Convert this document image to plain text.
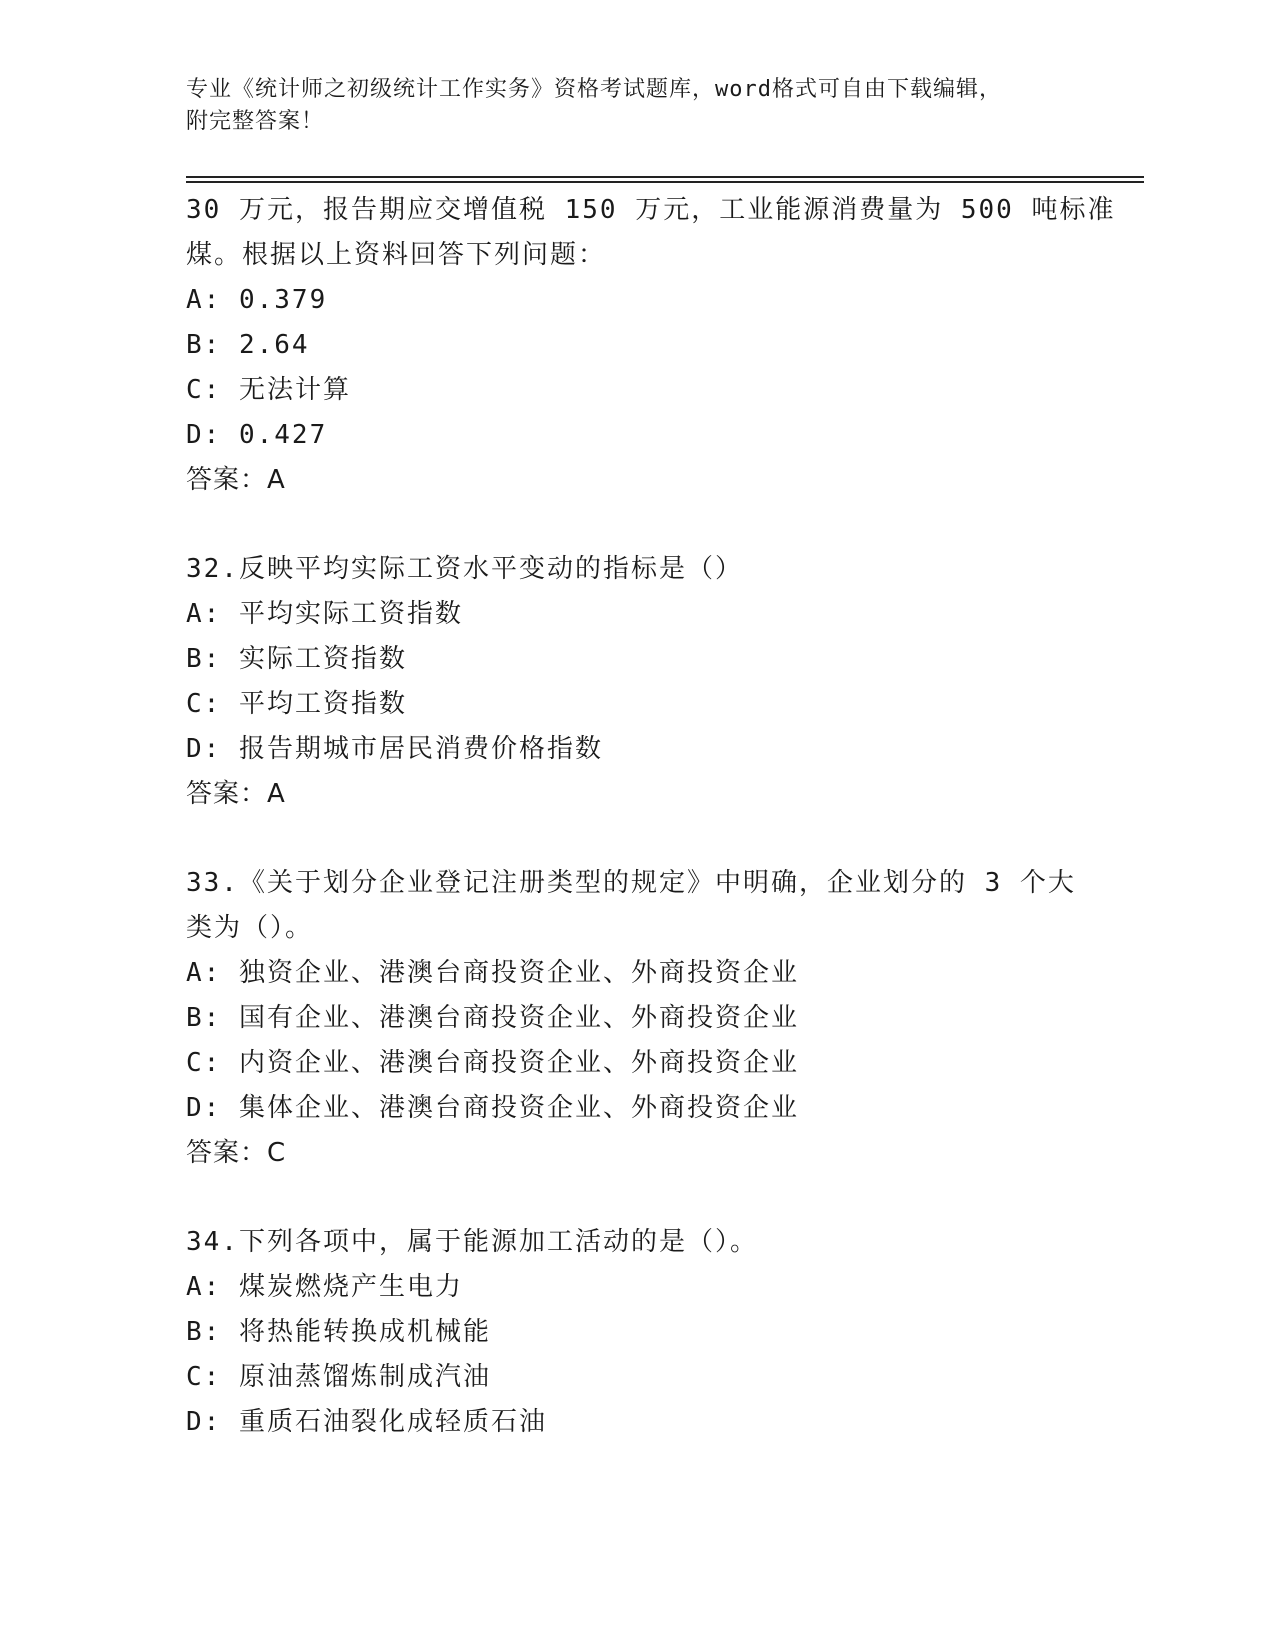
专业《统计师之初级统计工作实务》资格考试题库，word格式可自由下载编辑，
附完整答案！
30 万元，报告期应交增值税 150 万元，工业能源消费量为 500 吨标准
煤。根据以上资料回答下列问题：
A: 0.379
B: 2.64
C: 无法计算
D: 0.427
答案：A
32.反映平均实际工资水平变动的指标是（）
A: 平均实际工资指数
B: 实际工资指数
C: 平均工资指数
D: 报告期城市居民消费价格指数
答案：A
33.《关于划分企业登记注册类型的规定》中明确，企业划分的 3 个大
类为（）。
A: 独资企业、港澳台商投资企业、外商投资企业
B: 国有企业、港澳台商投资企业、外商投资企业
C: 内资企业、港澳台商投资企业、外商投资企业
D: 集体企业、港澳台商投资企业、外商投资企业
答案：C
34.下列各项中，属于能源加工活动的是（）。
A: 煤炭燃烧产生电力
B: 将热能转换成机械能
C: 原油蒸馏炼制成汽油
D: 重质石油裂化成轻质石油
